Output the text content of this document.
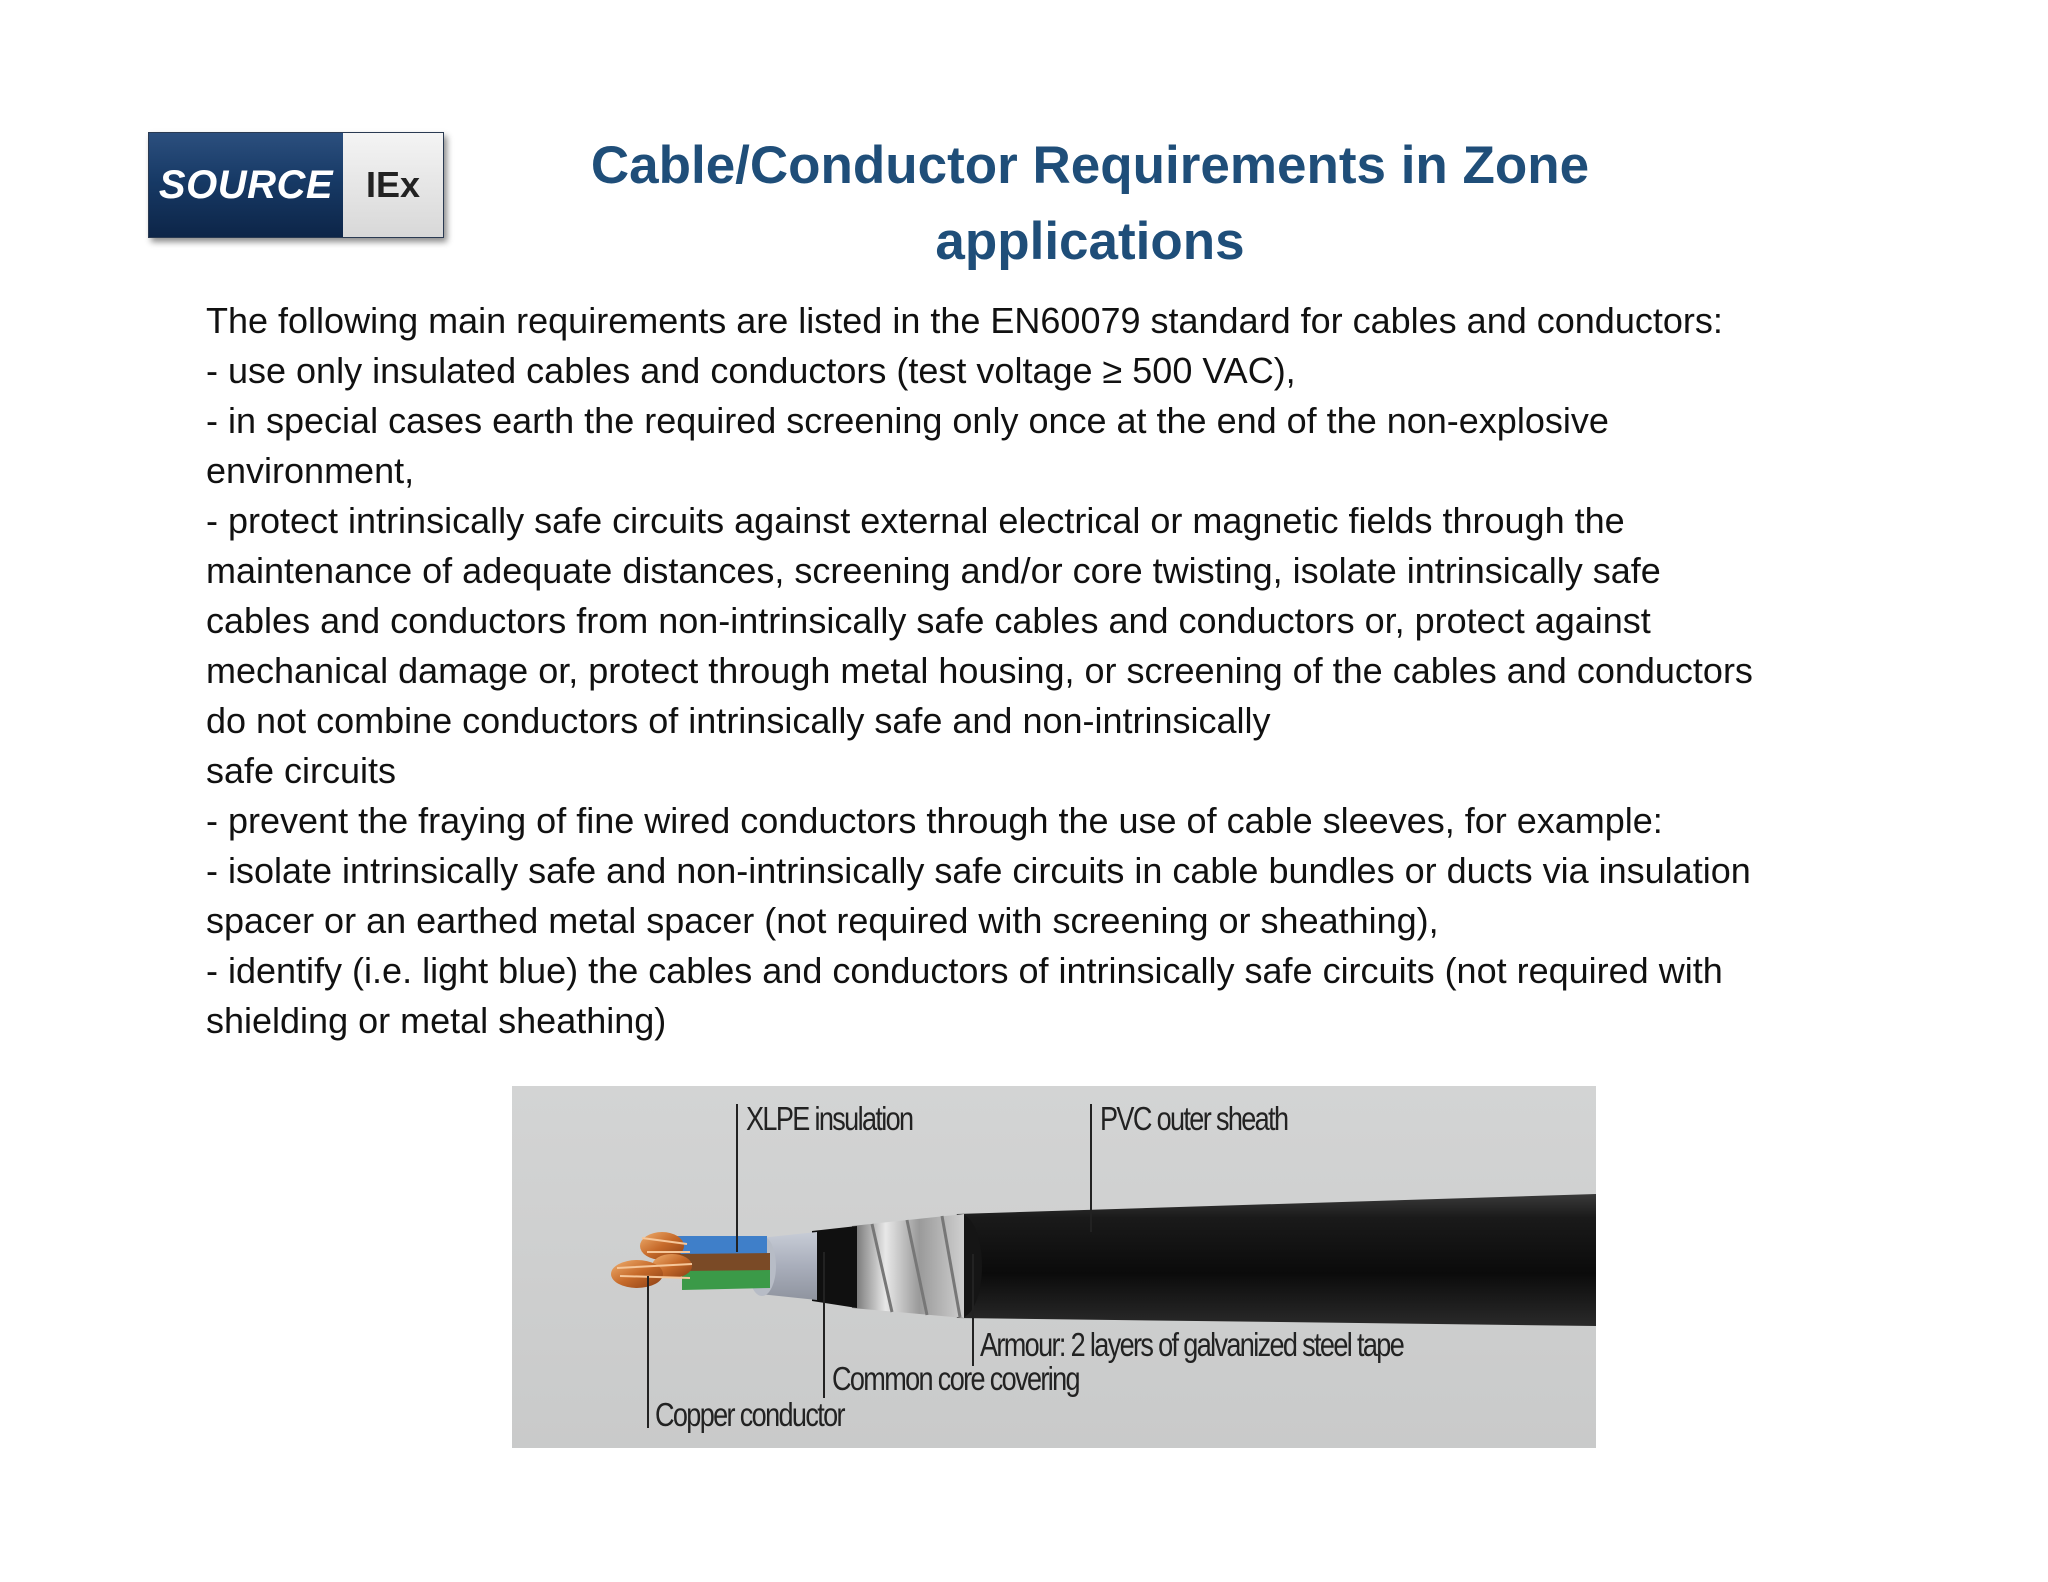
SOURCE IEx	Cable/Conductor Requirements in Zone applications
The following main requirements are listed in the EN60079 standard for cables and conductors:
- use only insulated cables and conductors (test voltage ≥ 500 VAC),
- in special cases earth the required screening only once at the end of the non-explosive
environment,
- protect intrinsically safe circuits against external electrical or magnetic fields through the
maintenance of adequate distances, screening and/or core twisting, isolate intrinsically safe
cables and conductors from non-intrinsically safe cables and conductors or, protect against
mechanical damage or, protect through metal housing, or screening of the cables and conductors
do not combine conductors of intrinsically safe and non-intrinsically
safe circuits
- prevent the fraying of fine wired conductors through the use of cable sleeves, for example:
- isolate intrinsically safe and non-intrinsically safe circuits in cable bundles or ducts via insulation
spacer or an earthed metal spacer (not required with screening or sheathing),
- identify (i.e. light blue) the cables and conductors of intrinsically safe circuits (not required with
shielding or metal sheathing)
XLPE insulation	PVC outer sheath
Armour: 2 layers of galvanized steel tape
Common core covering
Copper conductor
